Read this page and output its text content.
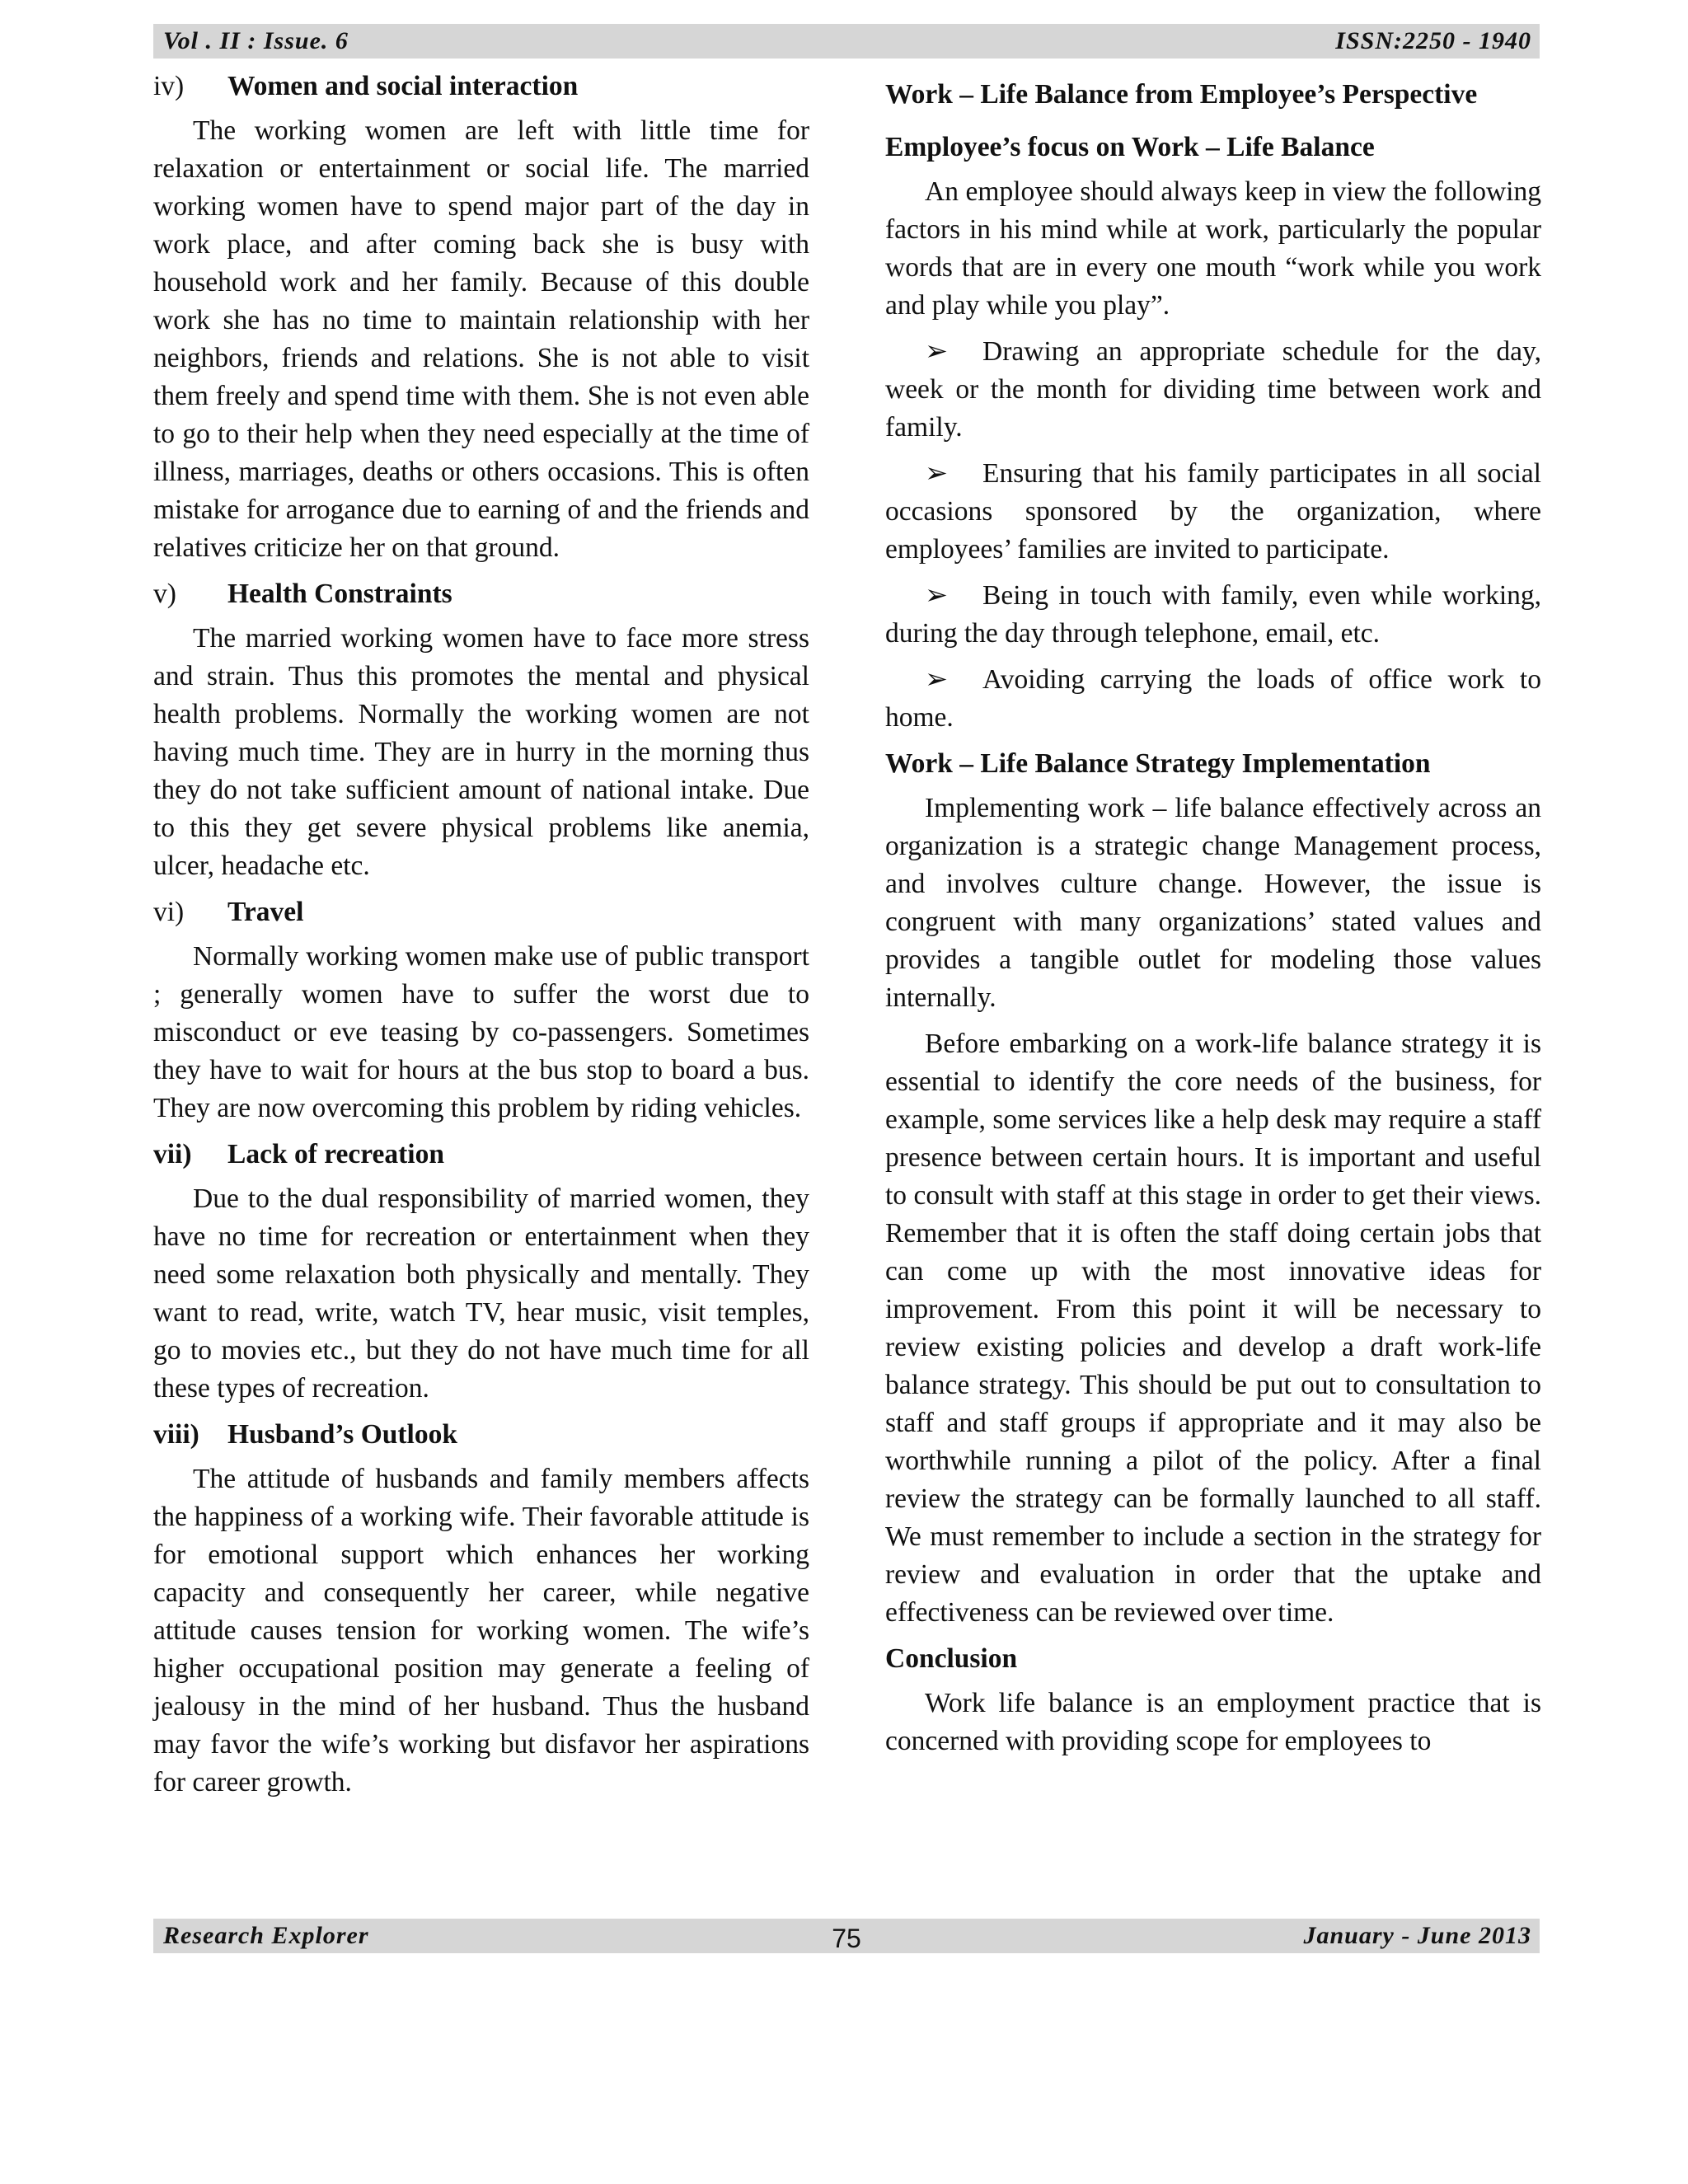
Vol . II : Issue. 6	ISSN:2250 - 1940
iv) Women and social interaction

The working women are left with little time for relaxation or entertainment or social life. The married working women have to spend major part of the day in work place, and after coming back she is busy with household work and her family. Because of this double work she has no time to maintain relationship with her neighbors, friends and relations. She is not able to visit them freely and spend time with them. She is not even able to go to their help when they need especially at the time of illness, marriages, deaths or others occasions. This is often mistake for arrogance due to earning of and the friends and relatives criticize her on that ground.

v) Health Constraints

The married working women have to face more stress and strain. Thus this promotes the mental and physical health problems. Normally the working women are not having much time. They are in hurry in the morning thus they do not take sufficient amount of national intake. Due to this they get severe physical problems like anemia, ulcer, headache etc.

vi) Travel

Normally working women make use of public transport ; generally women have to suffer the worst due to misconduct or eve teasing by co-passengers. Sometimes they have to wait for hours at the bus stop to board a bus. They are now overcoming this problem by riding vehicles.

vii) Lack of recreation

Due to the dual responsibility of married women, they have no time for recreation or entertainment when they need some relaxation both physically and mentally. They want to read, write, watch TV, hear music, visit temples, go to movies etc., but they do not have much time for all these types of recreation.

viii) Husband’s Outlook

The attitude of husbands and family members affects the happiness of a working wife. Their favorable attitude is for emotional support which enhances her working capacity and consequently her career, while negative attitude causes tension for working women. The wife’s higher occupational position may generate a feeling of jealousy in the mind of her husband. Thus the husband may favor the wife’s working but disfavor her aspirations for career growth.

Work – Life Balance from Employee’s Perspective
Employee’s focus on Work – Life Balance

An employee should always keep in view the following factors in his mind while at work, particularly the popular words that are in every one mouth “work while you work and play while you play”.

➢ Drawing an appropriate schedule for the day, week or the month for dividing time between work and family.

➢ Ensuring that his family participates in all social occasions sponsored by the organization, where employees’ families are invited to participate.

➢ Being in touch with family, even while working, during the day through telephone, email, etc.

➢ Avoiding carrying the loads of office work to home.

Work – Life Balance Strategy Implementation

Implementing work – life balance effectively across an organization is a strategic change Management process, and involves culture change. However, the issue is congruent with many organizations’ stated values and provides a tangible outlet for modeling those values internally.

Before embarking on a work-life balance strategy it is essential to identify the core needs of the business, for example, some services like a help desk may require a staff presence between certain hours. It is important and useful to consult with staff at this stage in order to get their views. Remember that it is often the staff doing certain jobs that can come up with the most innovative ideas for improvement. From this point it will be necessary to review existing policies and develop a draft work-life balance strategy. This should be put out to consultation to staff and staff groups if appropriate and it may also be worthwhile running a pilot of the policy. After a final review the strategy can be formally launched to all staff. We must remember to include a section in the strategy for review and evaluation in order that the uptake and effectiveness can be reviewed over time.

Conclusion

Work life balance is an employment practice that is concerned with providing scope for employees to

Research Explorer	75	January - June 2013
